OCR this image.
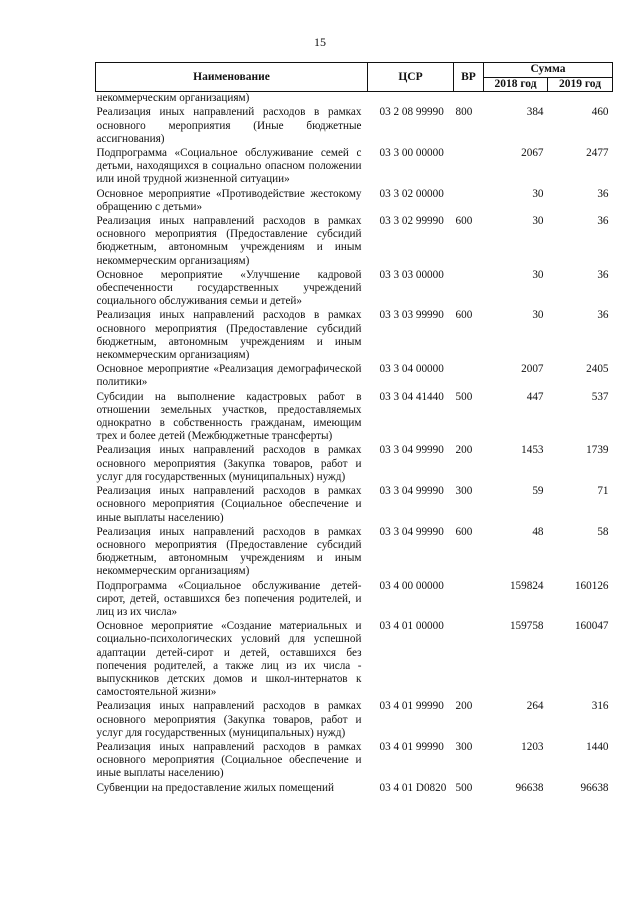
15
Наименование	ЦСР	ВР	Сумма	
			2018 год	2019 год
некоммерческим организациям)				
Реализация иных направлений расходов в рамках основного мероприятия (Иные бюджетные ассигнования)	03 2 08 99990	800	384	460
Подпрограмма «Социальное обслуживание семей с детьми, находящихся в социально опасном положении или иной трудной жизненной ситуации»	03 3 00 00000		2067	2477
Основное мероприятие «Противодействие жестокому обращению с детьми»	03 3 02 00000		30	36
Реализация иных направлений расходов в рамках основного мероприятия (Предоставление субсидий бюджетным, автономным учреждениям и иным некоммерческим организациям)	03 3 02 99990	600	30	36
Основное мероприятие «Улучшение кадровой обеспеченности государственных учреждений социального обслуживания семьи и детей»	03 3 03 00000		30	36
Реализация иных направлений расходов в рамках основного мероприятия (Предоставление субсидий бюджетным, автономным учреждениям и иным некоммерческим организациям)	03 3 03 99990	600	30	36
Основное мероприятие «Реализация демографической политики»	03 3 04 00000		2007	2405
Субсидии на выполнение кадастровых работ в отношении земельных участков, предоставляемых однократно в собственность гражданам, имеющим трех и более детей (Межбюджетные трансферты)	03 3 04 41440	500	447	537
Реализация иных направлений расходов в рамках основного мероприятия (Закупка товаров, работ и услуг для государственных (муниципальных) нужд)	03 3 04 99990	200	1453	1739
Реализация иных направлений расходов в рамках основного мероприятия (Социальное обеспечение и иные выплаты населению)	03 3 04 99990	300	59	71
Реализация иных направлений расходов в рамках основного мероприятия (Предоставление субсидий бюджетным, автономным учреждениям и иным некоммерческим организациям)	03 3 04 99990	600	48	58
Подпрограмма «Социальное обслуживание детей-сирот, детей, оставшихся без попечения родителей, и лиц из их числа»	03 4 00 00000		159824	160126
Основное мероприятие «Создание материальных и социально-психологических условий для успешной адаптации детей-сирот и детей, оставшихся без попечения родителей, а также лиц из их числа - выпускников детских домов и школ-интернатов к самостоятельной жизни»	03 4 01 00000		159758	160047
Реализация иных направлений расходов в рамках основного мероприятия (Закупка товаров, работ и услуг для государственных (муниципальных) нужд)	03 4 01 99990	200	264	316
Реализация иных направлений расходов в рамках основного мероприятия (Социальное обеспечение и иные выплаты населению)	03 4 01 99990	300	1203	1440
Субвенции на предоставление жилых помещений	03 4 01 D0820	500	96638	96638
